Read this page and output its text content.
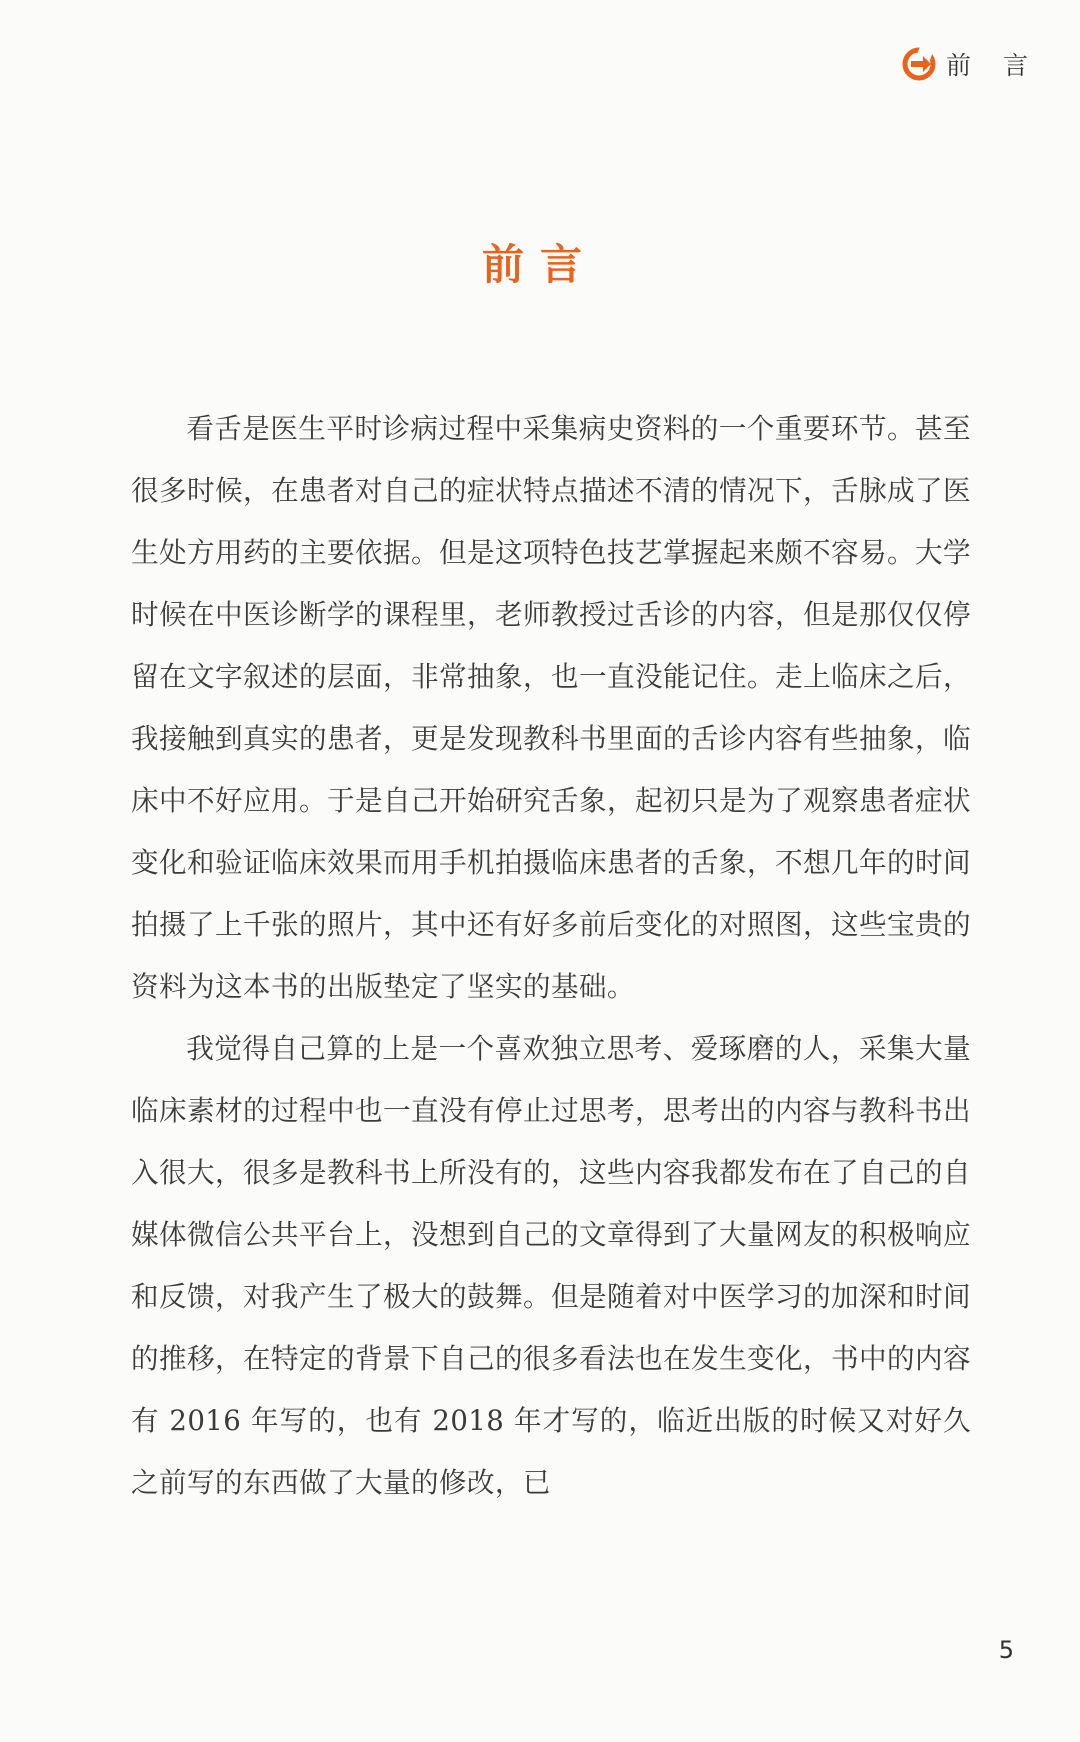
前 言
前言

看舌是医生平时诊病过程中采集病史资料的一个重要环节。甚至很多时候，在患者对自己的症状特点描述不清的情况下，舌脉成了医生处方用药的主要依据。但是这项特色技艺掌握起来颇不容易。大学时候在中医诊断学的课程里，老师教授过舌诊的内容，但是那仅仅停留在文字叙述的层面，非常抽象，也一直没能记住。走上临床之后，我接触到真实的患者，更是发现教科书里面的舌诊内容有些抽象，临床中不好应用。于是自己开始研究舌象，起初只是为了观察患者症状变化和验证临床效果而用手机拍摄临床患者的舌象，不想几年的时间拍摄了上千张的照片，其中还有好多前后变化的对照图，这些宝贵的资料为这本书的出版垫定了坚实的基础。

我觉得自己算的上是一个喜欢独立思考、爱琢磨的人，采集大量临床素材的过程中也一直没有停止过思考，思考出的内容与教科书出入很大，很多是教科书上所没有的，这些内容我都发布在了自己的自媒体微信公共平台上，没想到自己的文章得到了大量网友的积极响应和反馈，对我产生了极大的鼓舞。但是随着对中医学习的加深和时间的推移，在特定的背景下自己的很多看法也在发生变化，书中的内容有 2016 年写的，也有 2018 年才写的，临近出版的时候又对好久之前写的东西做了大量的修改，已

5
